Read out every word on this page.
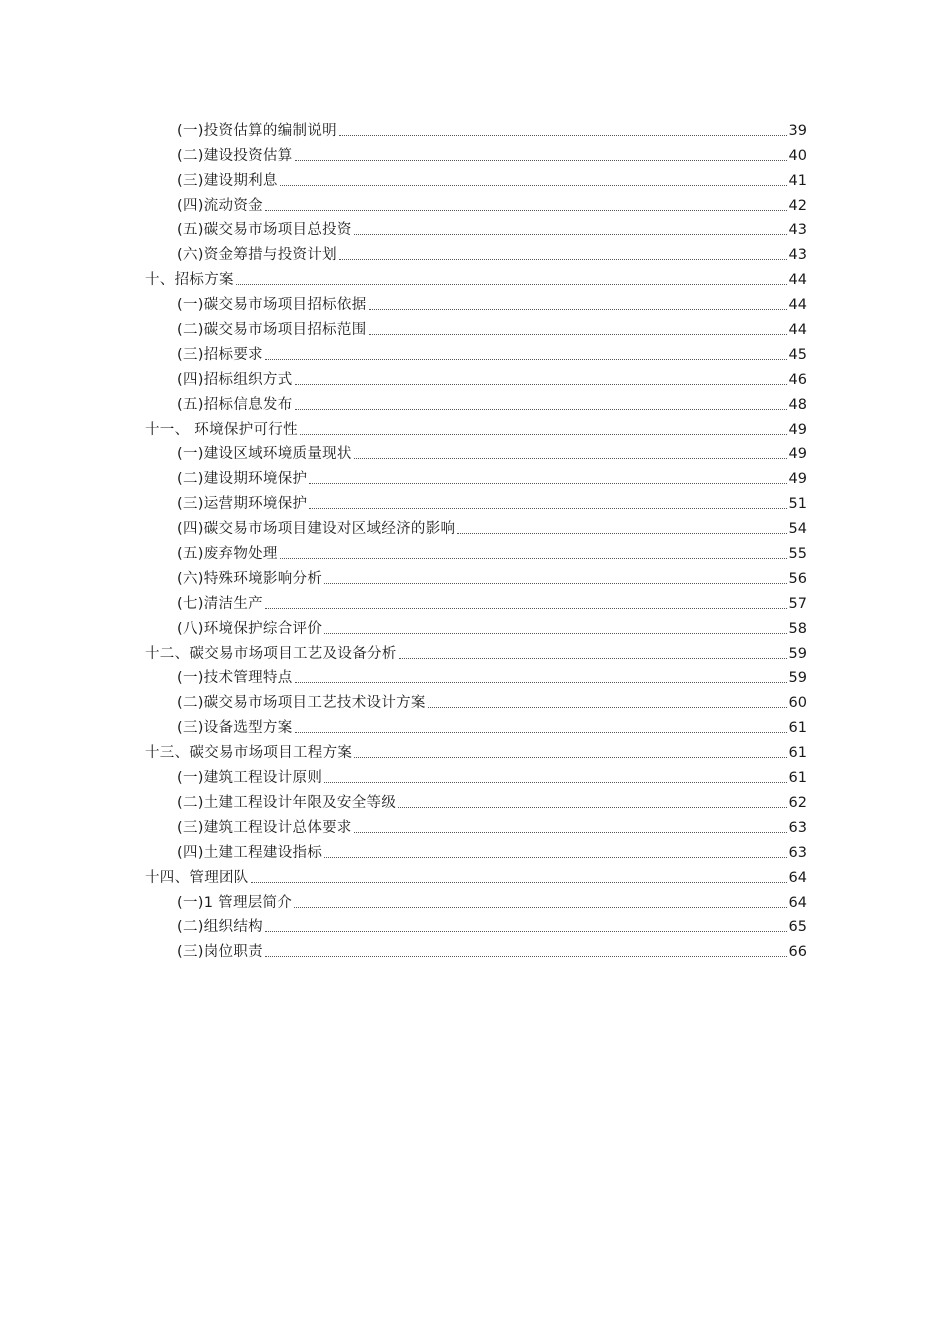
(一)投资估算的编制说明	39
(二)建设投资估算	40
(三)建设期利息	41
(四)流动资金	42
(五)碳交易市场项目总投资	43
(六)资金筹措与投资计划	43
十、招标方案	44
(一)碳交易市场项目招标依据	44
(二)碳交易市场项目招标范围	44
(三)招标要求	45
(四)招标组织方式	46
(五)招标信息发布	48
十一、 环境保护可行性	49
(一)建设区域环境质量现状	49
(二)建设期环境保护	49
(三)运营期环境保护	51
(四)碳交易市场项目建设对区域经济的影响	54
(五)废弃物处理	55
(六)特殊环境影响分析	56
(七)清洁生产	57
(八)环境保护综合评价	58
十二、碳交易市场项目工艺及设备分析	59
(一)技术管理特点	59
(二)碳交易市场项目工艺技术设计方案	60
(三)设备选型方案	61
十三、碳交易市场项目工程方案	61
(一)建筑工程设计原则	61
(二)土建工程设计年限及安全等级	62
(三)建筑工程设计总体要求	63
(四)土建工程建设指标	63
十四、管理团队	64
(一)1 管理层简介	64
(二)组织结构	65
(三)岗位职责	66
